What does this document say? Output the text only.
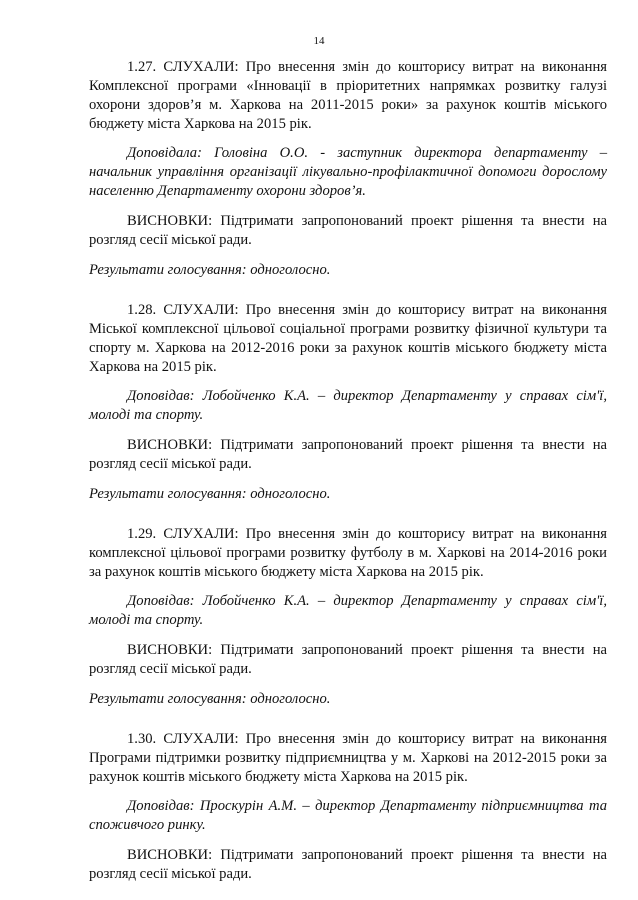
14

1.27. СЛУХАЛИ: Про внесення змін до кошторису витрат на виконання Комплексної програми «Інновації в пріоритетних напрямках розвитку галузі охорони здоров’я м. Харкова на 2011-2015 роки» за рахунок коштів міського бюджету міста Харкова на 2015 рік.

Доповідала: Головіна О.О. - заступник директора департаменту – начальник управління організації лікувально-профілактичної допомоги дорослому населенню Департаменту охорони здоров’я.

ВИСНОВКИ: Підтримати запропонований проект рішення та внести на розгляд сесії міської ради.

Результати голосування: одноголосно.

1.28. СЛУХАЛИ: Про внесення змін до кошторису витрат на виконання Міської комплексної цільової соціальної програми розвитку фізичної культури та спорту м. Харкова на 2012-2016 роки за рахунок коштів міського бюджету міста Харкова на 2015 рік.

Доповідав: Лобойченко К.А. – директор Департаменту у справах сім'ї, молоді та спорту.

ВИСНОВКИ: Підтримати запропонований проект рішення та внести на розгляд сесії міської ради.

Результати голосування: одноголосно.

1.29. СЛУХАЛИ: Про внесення змін до кошторису витрат на виконання комплексної цільової програми розвитку футболу в м. Харкові на 2014-2016 роки за рахунок коштів міського бюджету міста Харкова на 2015 рік.

Доповідав: Лобойченко К.А. – директор Департаменту у справах сім'ї, молоді та спорту.

ВИСНОВКИ: Підтримати запропонований проект рішення та внести на розгляд сесії міської ради.

Результати голосування: одноголосно.

1.30. СЛУХАЛИ: Про внесення змін до кошторису витрат на виконання Програми підтримки розвитку підприємництва у м. Харкові на 2012-2015 роки за рахунок коштів міського бюджету міста Харкова на 2015 рік.

Доповідав: Проскурін А.М. – директор Департаменту підприємництва та споживчого ринку.

ВИСНОВКИ: Підтримати запропонований проект рішення та внести на розгляд сесії міської ради.
